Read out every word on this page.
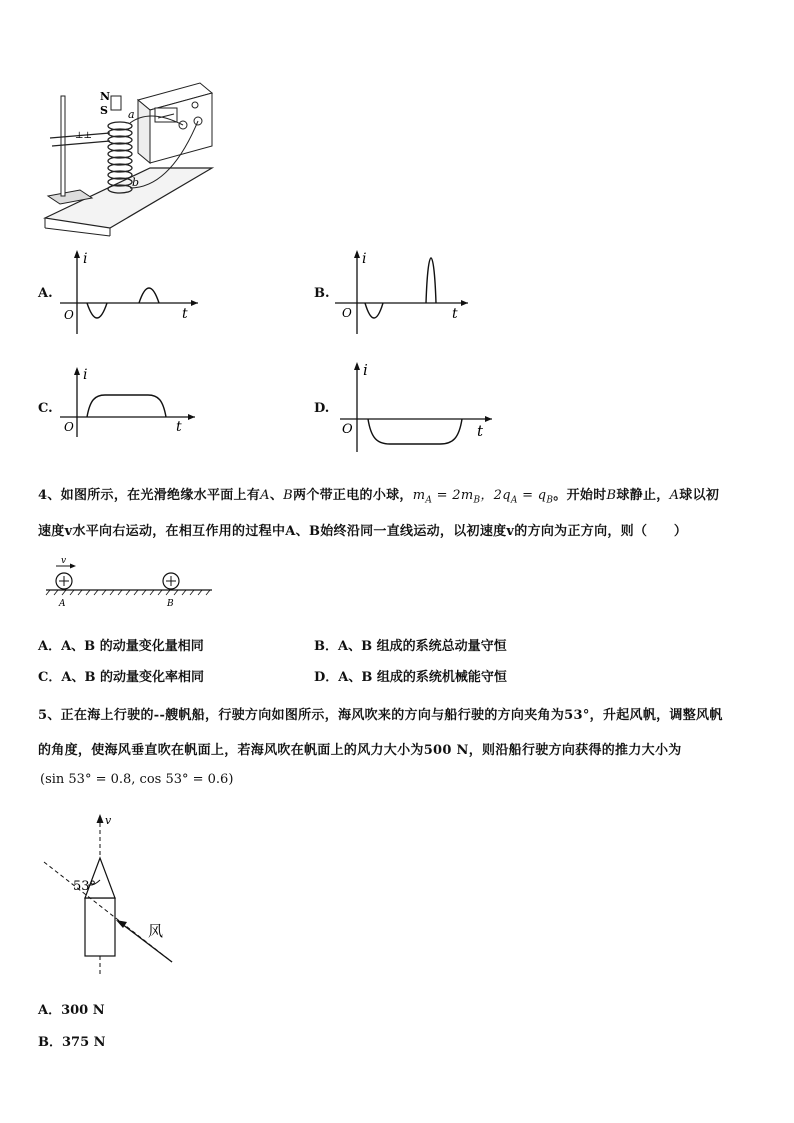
⊥⊥
N
S a
b
i
t
O
A.
i
t
O
B.
i
t
O
C.
i
t
O
D.
4、如图所示，在光滑绝缘水平面上有A、B两个带正电的小球，$m_A = 2m_B$，$2q_A = q_B$。开始时B球静止，A球以初
速度v水平向右运动，在相互作用的过程中A、B始终沿同一直线运动，以初速度v的方向为正方向，则（　　）
v
A	B
A．A、B 的动量变化量相同	B．A、B 组成的系统总动量守恒
C．A、B 的动量变化率相同	D．A、B 组成的系统机械能守恒
5、正在海上行驶的--艘帆船，行驶方向如图所示，海风吹来的方向与船行驶的方向夹角为53°，升起风帆，调整风帆
的角度，使海风垂直吹在帆面上，若海风吹在帆面上的风力大小为500 N，则沿船行驶方向获得的推力大小为
(sin 53° = 0.8, cos 53° = 0.6)
v
53°
风
A．300 N
B．375 N
